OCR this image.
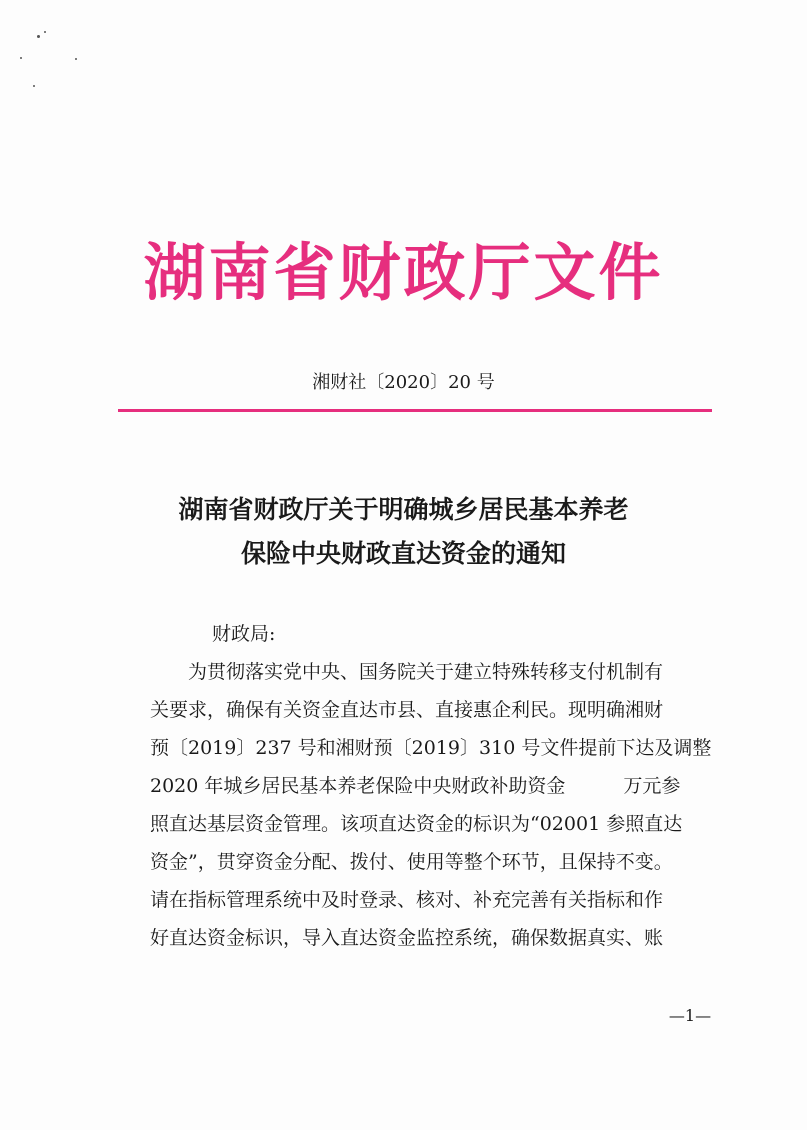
湖南省财政厅文件
湘财社〔2020〕20 号
湖南省财政厅关于明确城乡居民基本养老
保险中央财政直达资金的通知
财政局:
为贯彻落实党中央、国务院关于建立特殊转移支付机制有
关要求，确保有关资金直达市县、直接惠企利民。现明确湘财
预〔2019〕237 号和湘财预〔2019〕310 号文件提前下达及调整
2020 年城乡居民基本养老保险中央财政补助资金	万元参
照直达基层资金管理。该项直达资金的标识为“02001 参照直达
资金”，贯穿资金分配、拨付、使用等整个环节，且保持不变。
请在指标管理系统中及时登录、核对、补充完善有关指标和作
好直达资金标识，导入直达资金监控系统，确保数据真实、账
—1—
